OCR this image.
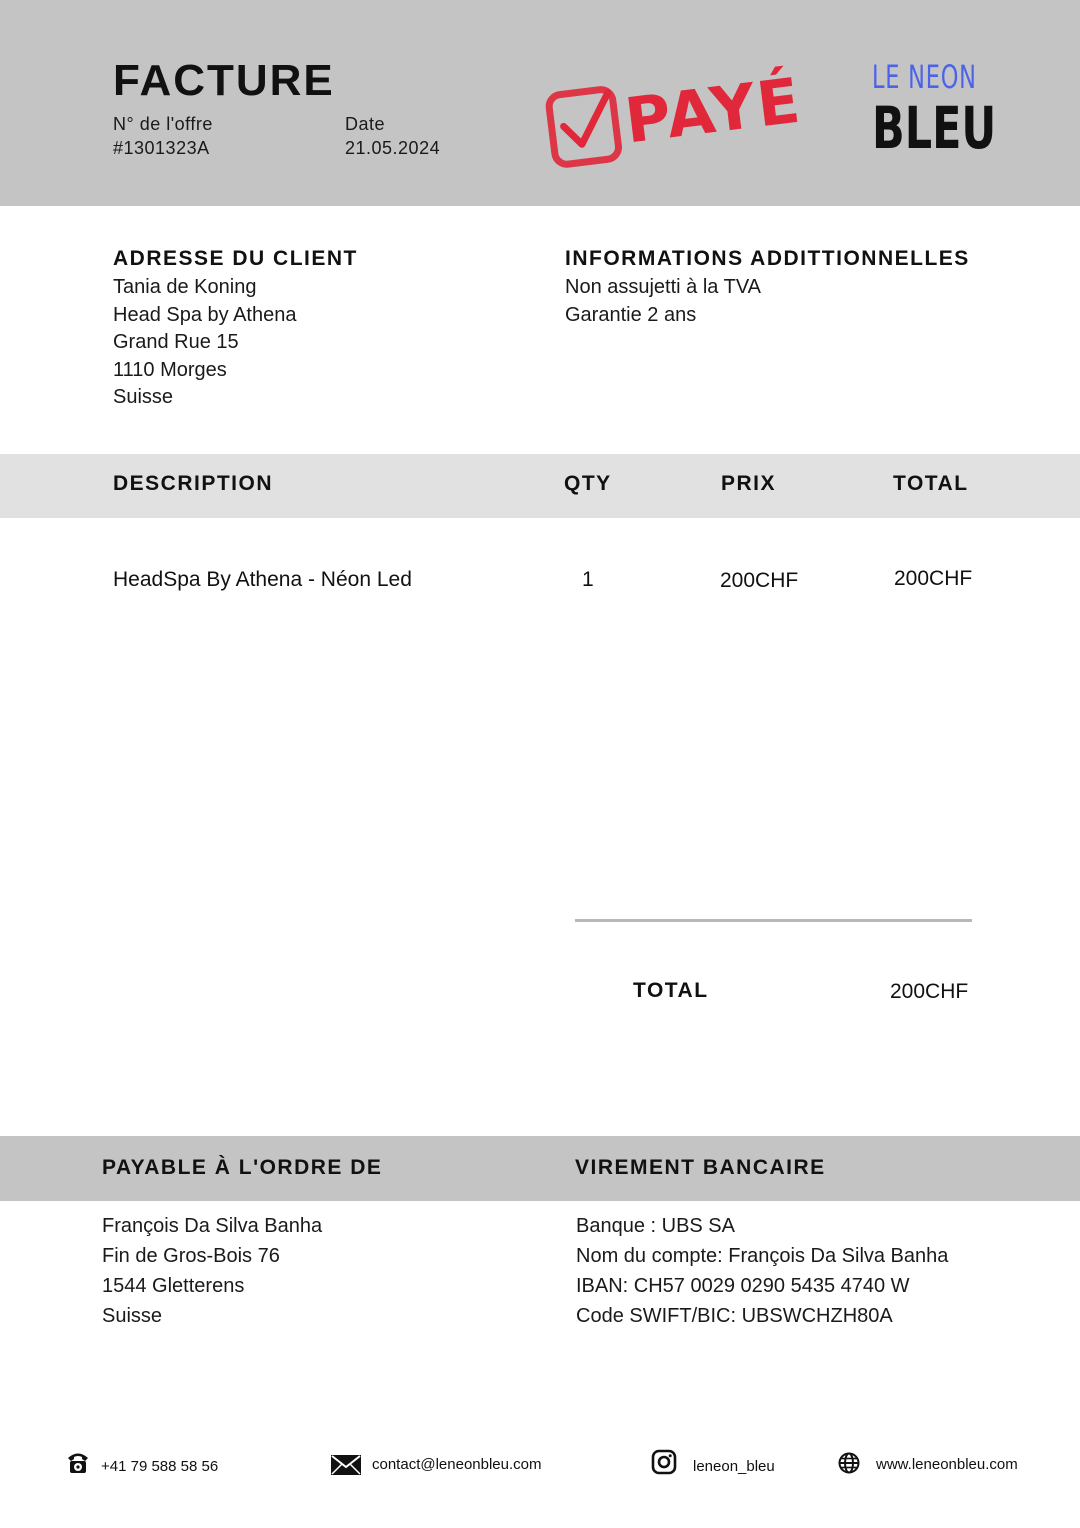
FACTURE
N° de l'offre
#1301323A
Date
21.05.2024	PAYÉ LE NEON
BLEU
ADRESSE DU CLIENT
Tania de Koning
Head Spa by Athena
Grand Rue 15
1110 Morges
Suisse
INFORMATIONS ADDITTIONNELLES
Non assujetti à la TVA
Garantie 2 ans
DESCRIPTION	QTY	PRIX	TOTAL
HeadSpa By Athena - Néon Led	1	200CHF	200CHF
TOTAL	200CHF
PAYABLE À L'ORDRE DE	VIREMENT BANCAIRE
François Da Silva Banha
Fin de Gros-Bois 76
1544 Gletterens
Suisse
Banque : UBS SA
Nom du compte: François Da Silva Banha
IBAN: CH57 0029 0290 5435 4740 W
Code SWIFT/BIC: UBSWCHZH80A
+41 79 588 58 56	contact@leneonbleu.com	leneon_bleu	www.leneonbleu.com
